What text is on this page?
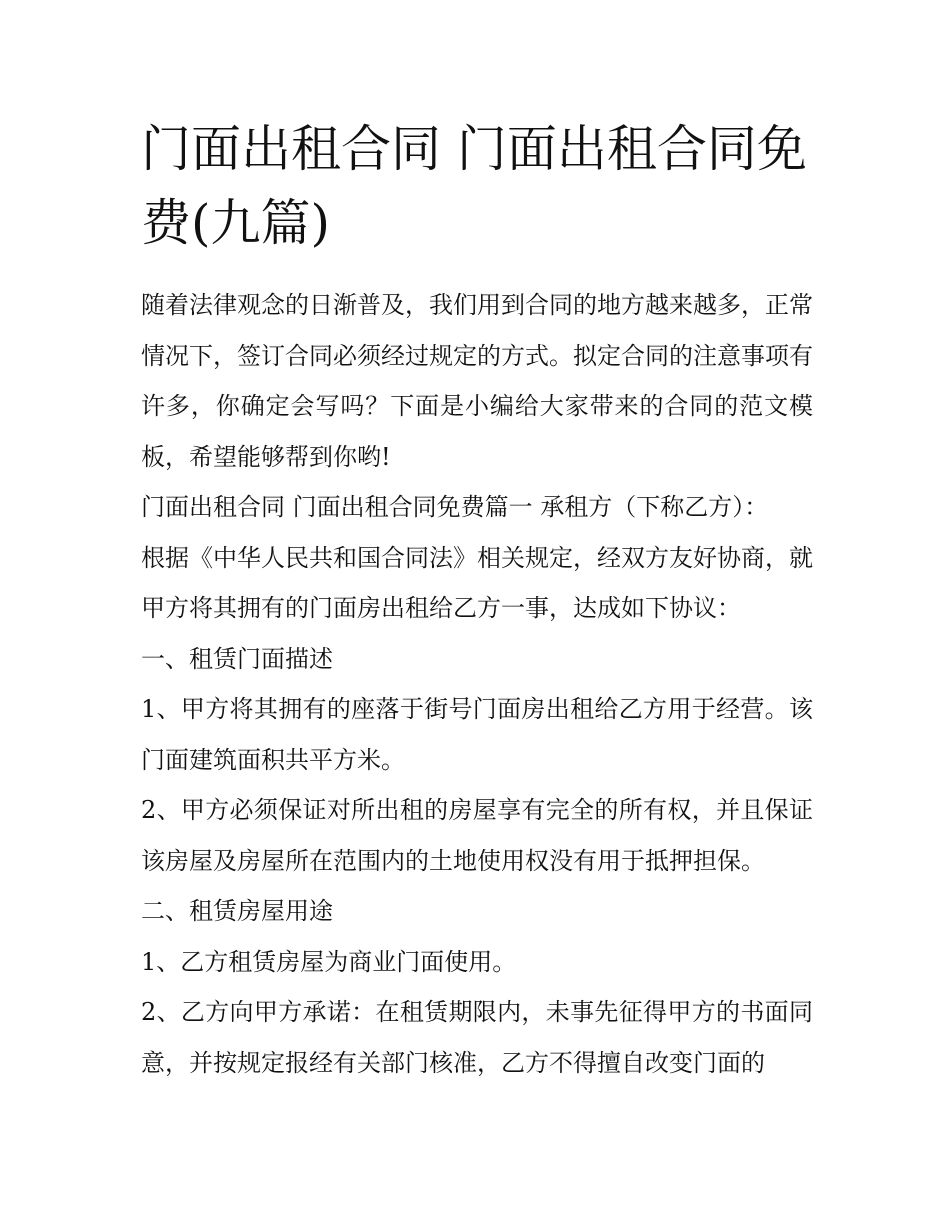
门面出租合同 门面出租合同免费(九篇)

随着法律观念的日渐普及，我们用到合同的地方越来越多，正常情况下，签订合同必须经过规定的方式。拟定合同的注意事项有许多，你确定会写吗？下面是小编给大家带来的合同的范文模板，希望能够帮到你哟!

门面出租合同 门面出租合同免费篇一 承租方（下称乙方）：

根据《中华人民共和国合同法》相关规定，经双方友好协商，就甲方将其拥有的门面房出租给乙方一事，达成如下协议：

一、租赁门面描述

1、甲方将其拥有的座落于街号门面房出租给乙方用于经营。该门面建筑面积共平方米。

2、甲方必须保证对所出租的房屋享有完全的所有权，并且保证该房屋及房屋所在范围内的土地使用权没有用于抵押担保。

二、租赁房屋用途

1、乙方租赁房屋为商业门面使用。

2、乙方向甲方承诺：在租赁期限内，未事先征得甲方的书面同意，并按规定报经有关部门核准，乙方不得擅自改变门面的
